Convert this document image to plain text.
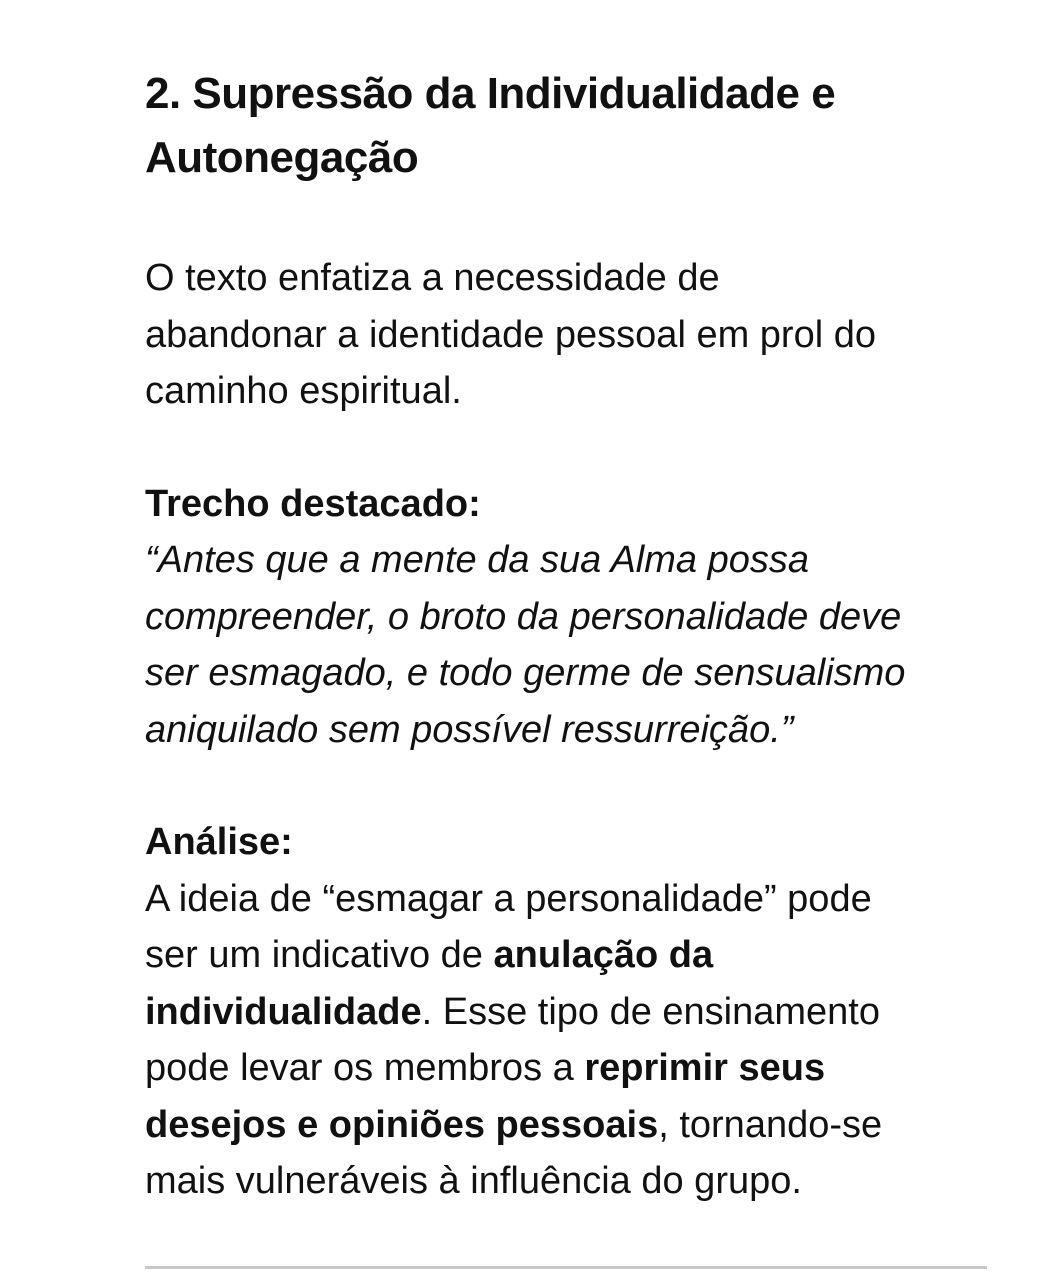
2. Supressão da Individualidade e
Autonegação

O texto enfatiza a necessidade de
abandonar a identidade pessoal em prol do
caminho espiritual.

Trecho destacado:

“Antes que a mente da sua Alma possa
compreender, o broto da personalidade deve
ser esmagado, e todo germe de sensualismo
aniquilado sem possível ressurreição.”

Análise:

A ideia de “esmagar a personalidade” pode
ser um indicativo de anulação da
individualidade. Esse tipo de ensinamento
pode levar os membros a reprimir seus
desejos e opiniões pessoais, tornando-se
mais vulneráveis à influência do grupo.
